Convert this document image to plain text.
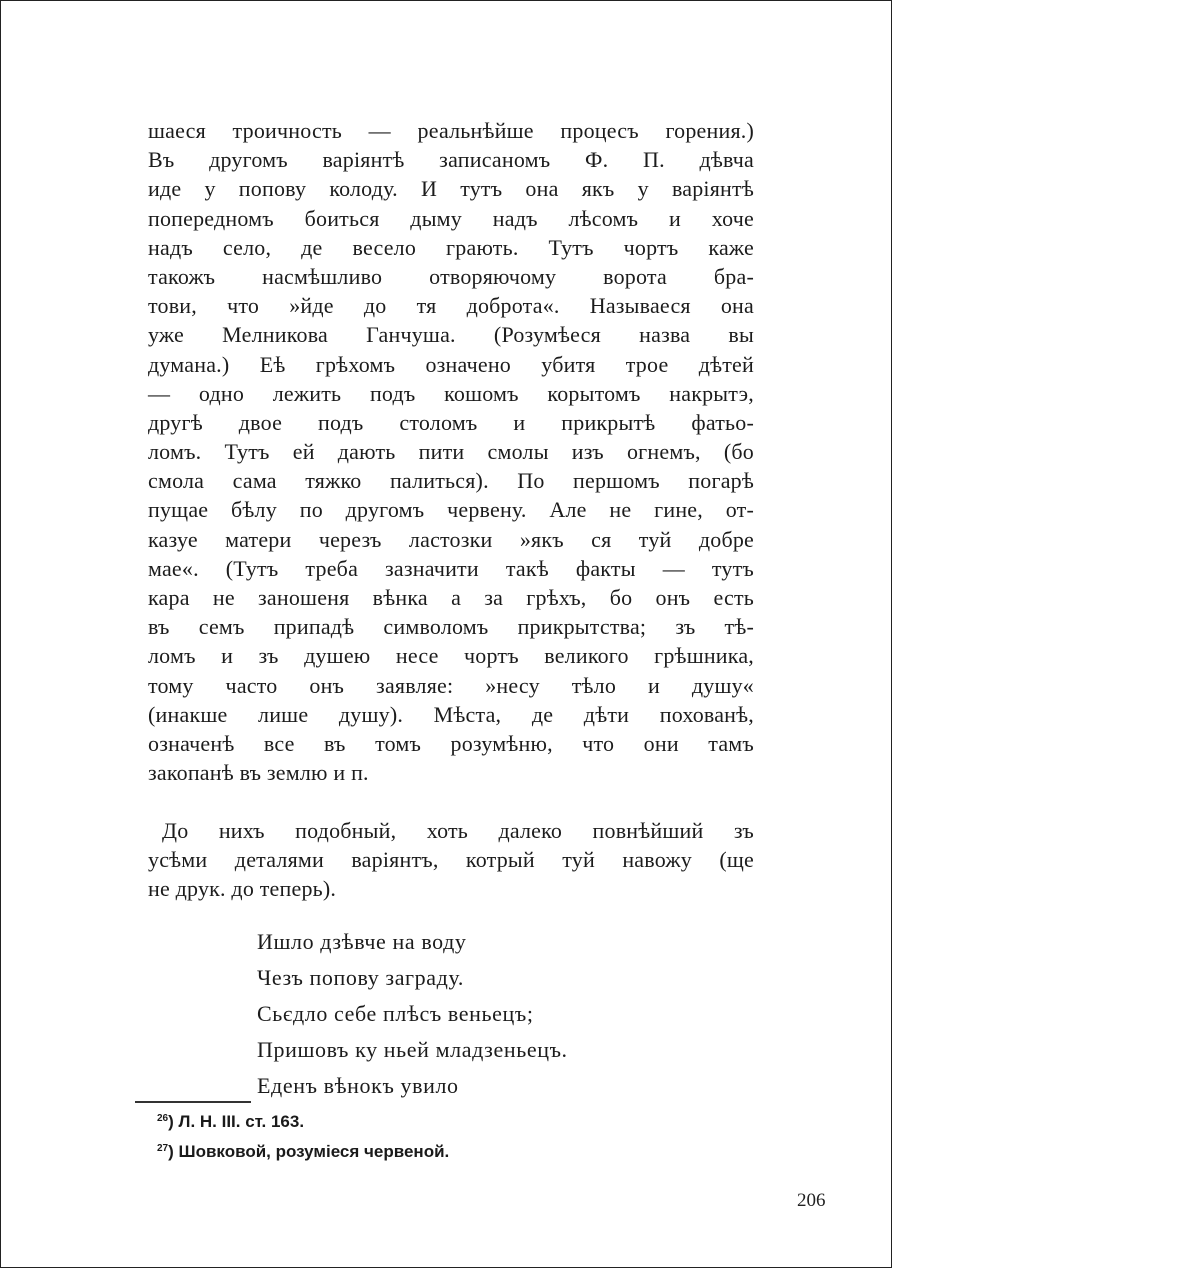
шаеся троичность — реальнѣйше процесъ горения.)
Въ другомъ варіянтѣ записаномъ Ф. П. дѣвча
иде у попову колоду. И тутъ она якъ у варіянтѣ
попередномъ боиться дыму надъ лѣсомъ и хоче
надъ село, де весело грають. Тутъ чортъ каже
такожъ насмѣшливо отворяючому ворота бра-
тови, что »йде до тя доброта«. Называеся она
уже Мелникова Ганчуша. (Розумѣеся назва вы
думана.) Еѣ грѣхомъ означено убитя трое дѣтей
— одно лежить подъ кошомъ корытомъ накрытэ,
другѣ двое подъ столомъ и прикрытѣ фатьо-
ломъ. Тутъ ей дають пити смолы изъ огнемъ, (бо
смола сама тяжко палиться). По першомъ погарѣ
пущае бѣлу по другомъ червену. Але не гине, от-
казуе матери черезъ ластозки »якъ ся туй добре
мае«. (Тутъ треба зазначити такѣ факты — тутъ
кара не заношеня вѣнка а за грѣхъ, бо онъ есть
въ семъ припадѣ символомъ прикрытства; зъ тѣ-
ломъ и зъ душею несе чортъ великого грѣшника,
тому часто онъ заявляе: »несу тѣло и душу«
(инакше лише душу). Мѣста, де дѣти похованѣ,
означенѣ все въ томъ розумѣню, что они тамъ
закопанѣ въ землю и п.
До нихъ подобный, хоть далеко повнѣйший зъ
усѣми деталями варіянтъ, котрый туй навожу (ще
не друк. до теперь).
Ишло дзѣвче на воду
Чезъ попову заграду.
Сьєдло себе плѣсъ веньецъ;
Пришовъ ку ньей младзеньецъ.
Еденъ вѣнокъ увило
$^{26}$) Л. Н. III. ст. 163.
$^{27}$) Шовковой, розуміеся червеной.
206
